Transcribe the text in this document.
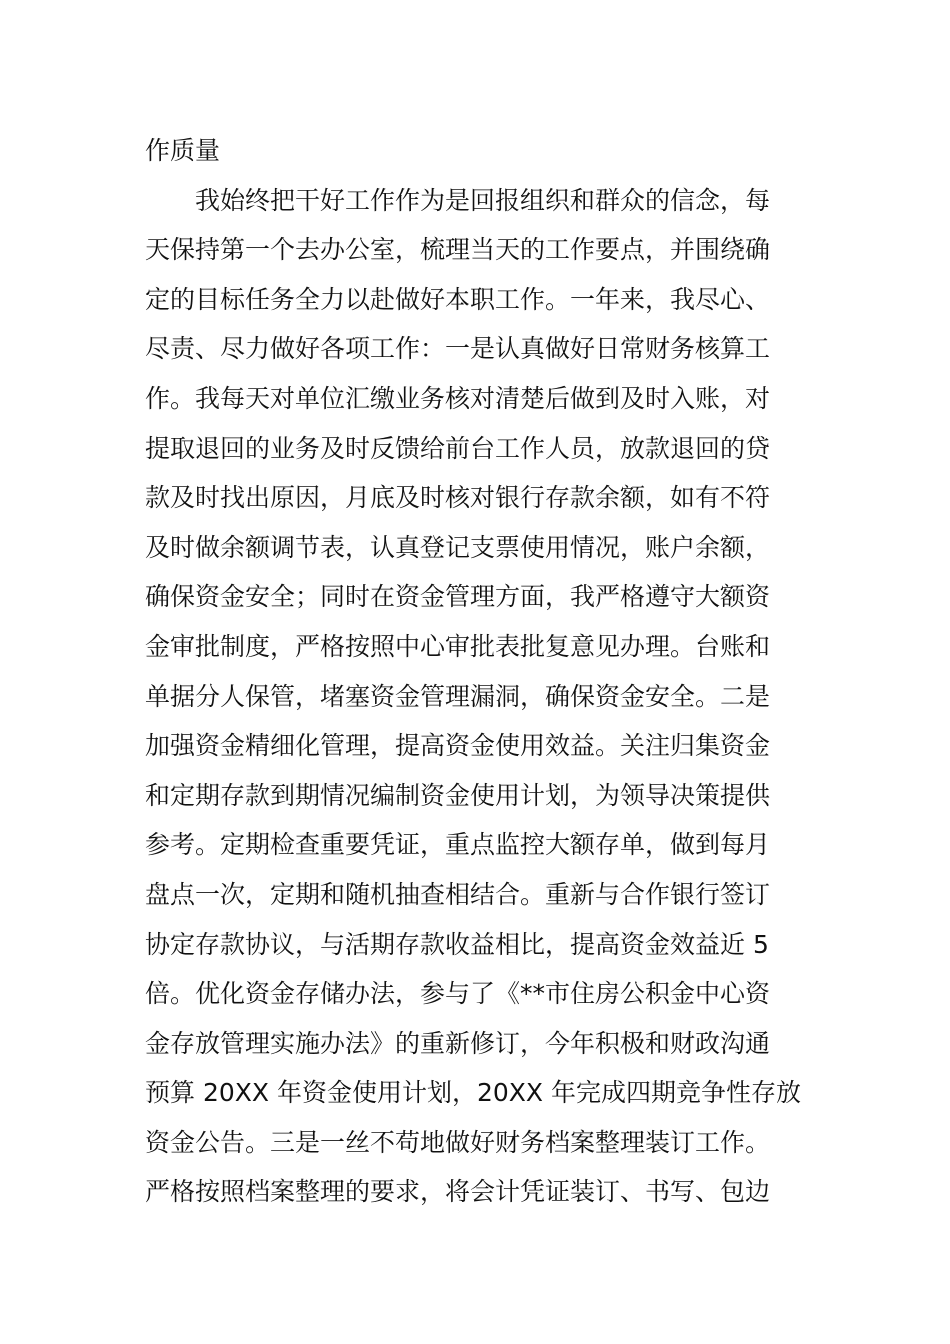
作质量
我始终把干好工作作为是回报组织和群众的信念，每
天保持第一个去办公室，梳理当天的工作要点，并围绕确
定的目标任务全力以赴做好本职工作。一年来，我尽心、
尽责、尽力做好各项工作：一是认真做好日常财务核算工
作。我每天对单位汇缴业务核对清楚后做到及时入账，对
提取退回的业务及时反馈给前台工作人员，放款退回的贷
款及时找出原因，月底及时核对银行存款余额，如有不符
及时做余额调节表，认真登记支票使用情况，账户余额，
确保资金安全；同时在资金管理方面，我严格遵守大额资
金审批制度，严格按照中心审批表批复意见办理。台账和
单据分人保管，堵塞资金管理漏洞，确保资金安全。二是
加强资金精细化管理，提高资金使用效益。关注归集资金
和定期存款到期情况编制资金使用计划，为领导决策提供
参考。定期检查重要凭证，重点监控大额存单，做到每月
盘点一次，定期和随机抽查相结合。重新与合作银行签订
协定存款协议，与活期存款收益相比，提高资金效益近 5
倍。优化资金存储办法，参与了《**市住房公积金中心资
金存放管理实施办法》的重新修订，今年积极和财政沟通
预算 20XX 年资金使用计划，20XX 年完成四期竞争性存放
资金公告。三是一丝不苟地做好财务档案整理装订工作。
严格按照档案整理的要求，将会计凭证装订、书写、包边
